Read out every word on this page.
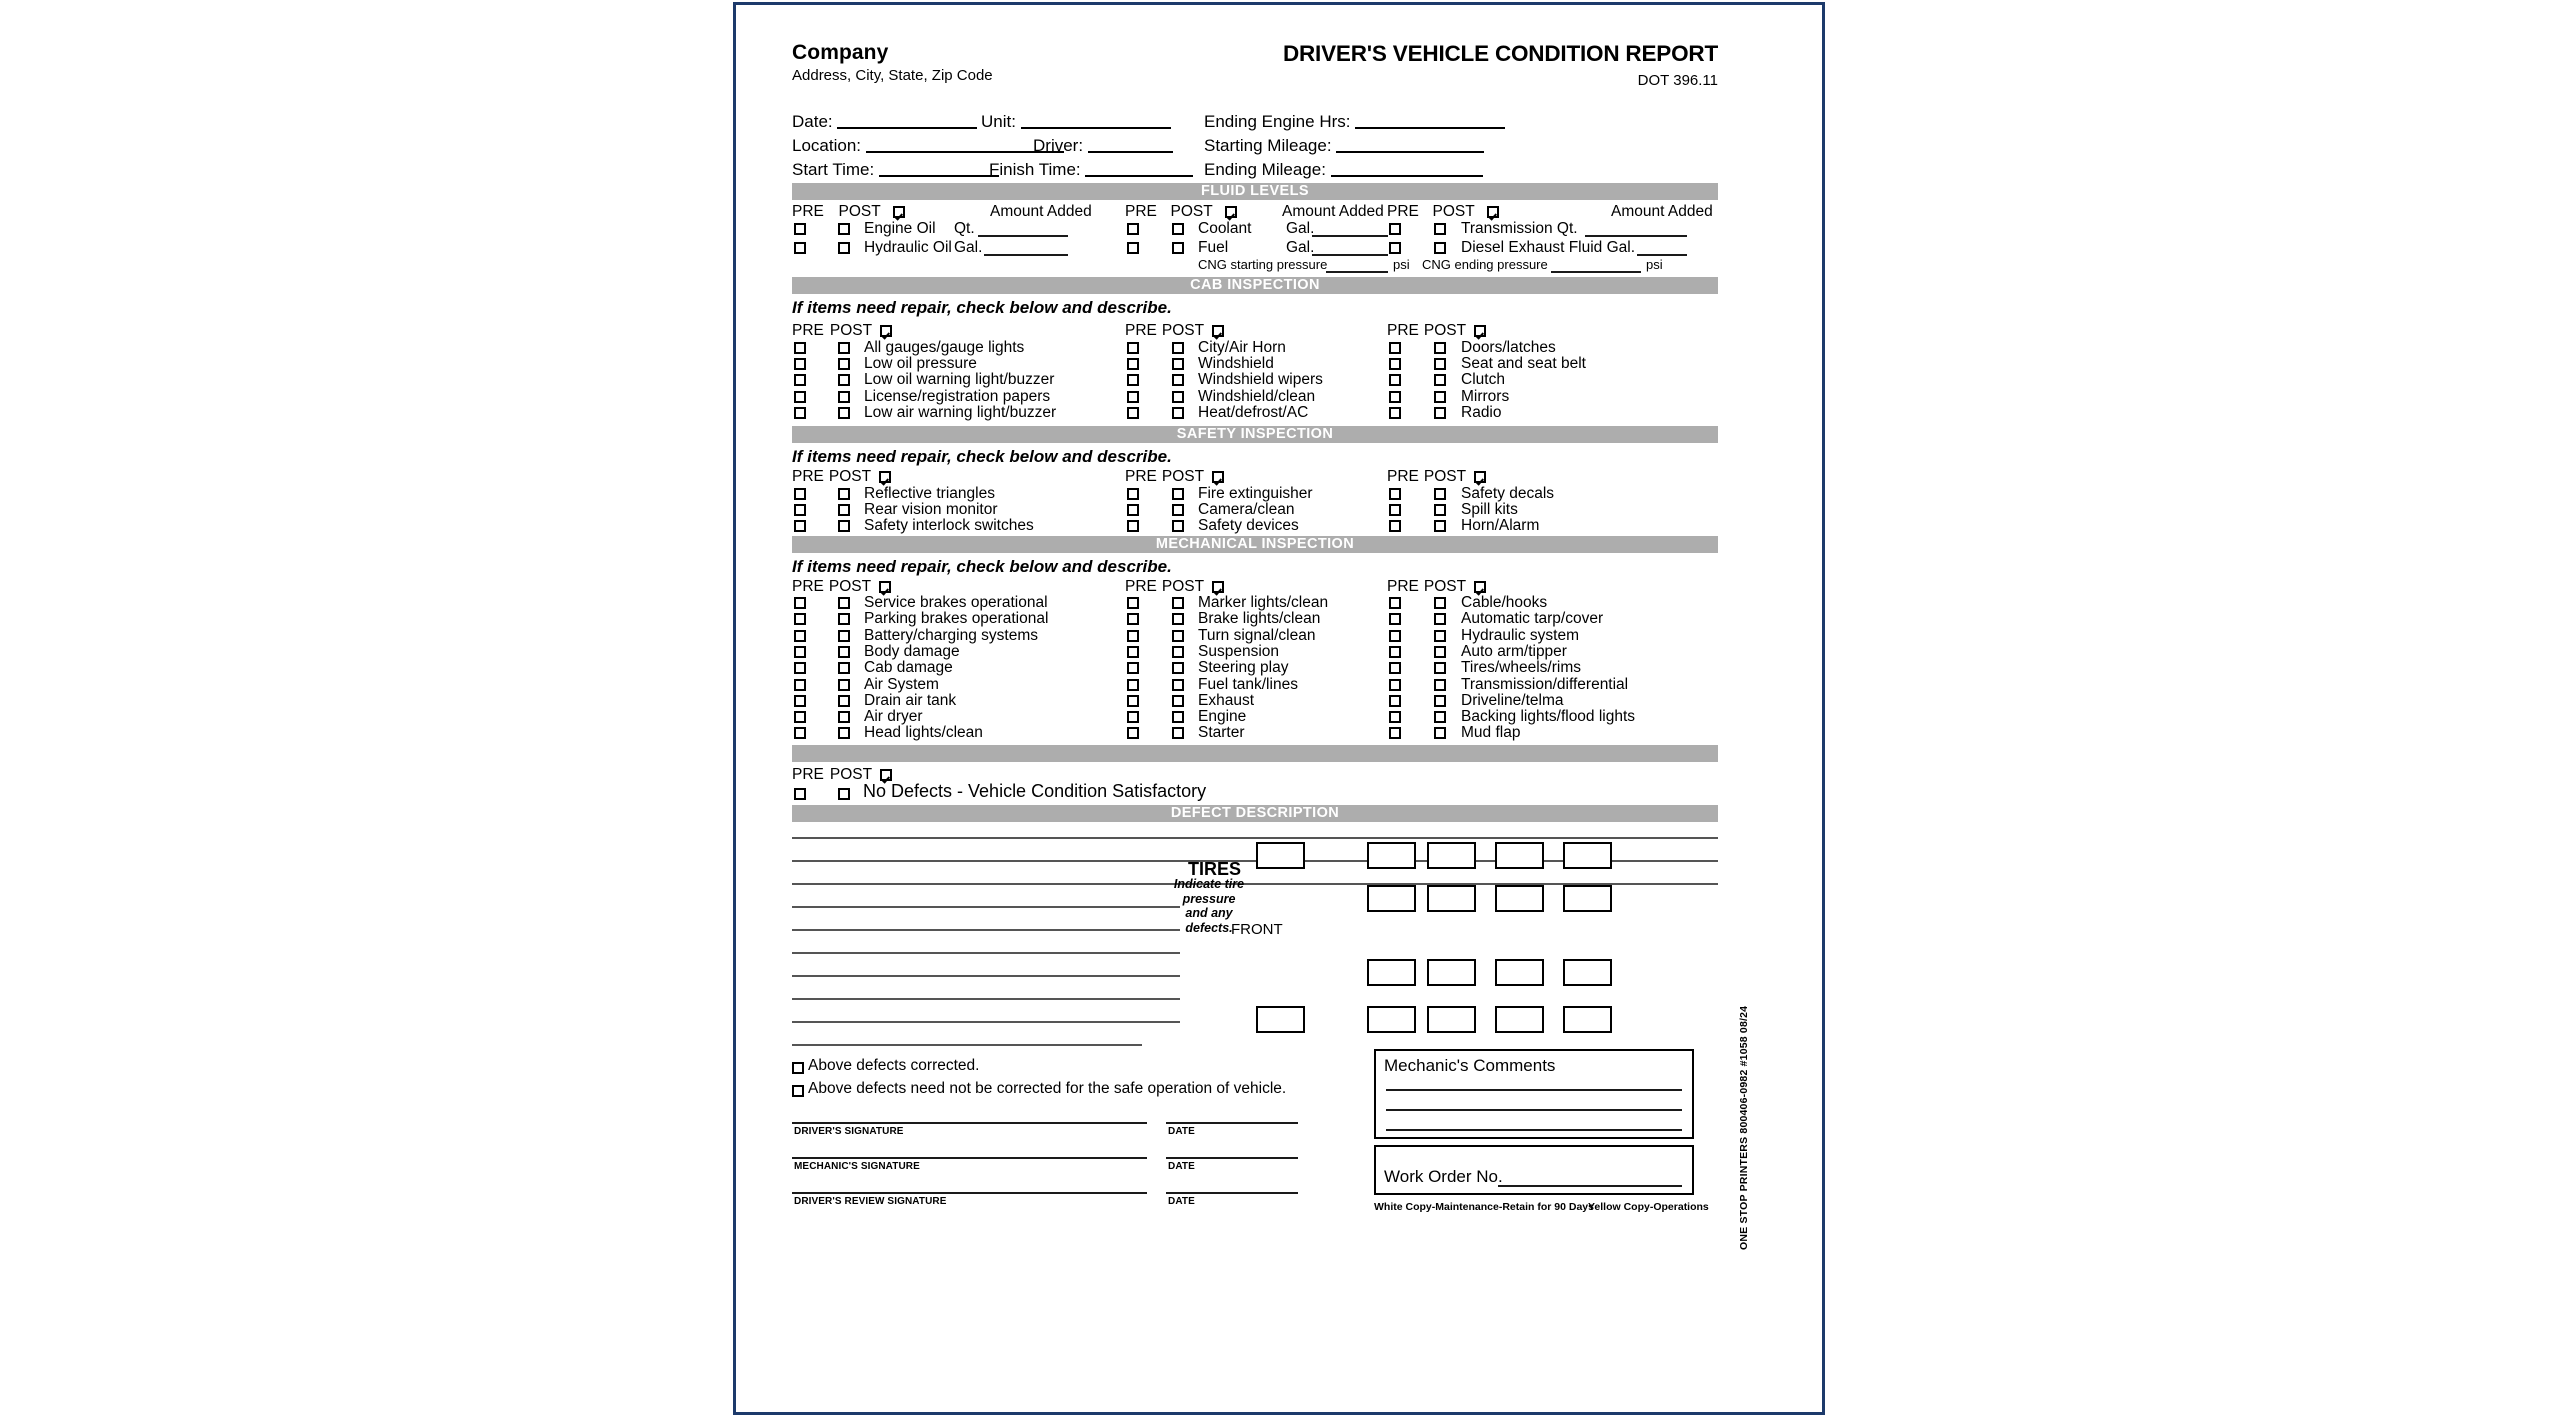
Company
Address, City, State, Zip Code
DRIVER'S VEHICLE CONDITION REPORT
DOT 396.11
Date:	Unit:	Ending Engine Hrs:
Location:	Driver:	Starting Mileage:
Start Time:	Finish Time:	Ending Mileage:
FLUID LEVELS
PRE POST	Amount Added PRE POST	Amount Added PRE POST	Amount Added
Engine Oil Qt.
Hydraulic Oil Gal.
Coolant Gal.
Fuel	Gal.
Transmission Qt.
Diesel Exhaust Fluid Gal.
CNG starting pressure	psi CNG ending pressure	psi
CAB INSPECTION
If items need repair, check below and describe.
PRE POST	PRE POST	PRE POST
All gauges/gauge lights
Low oil pressure
Low oil warning light/buzzer
License/registration papers
Low air warning light/buzzer
City/Air Horn
Windshield
Windshield wipers
Windshield/clean
Heat/defrost/AC
Doors/latches
Seat and seat belt
Clutch
Mirrors
Radio
SAFETY INSPECTION
If items need repair, check below and describe.
PRE POST	PRE POST	PRE POST
Reflective triangles
Rear vision monitor
Safety interlock switches
Fire extinguisher
Camera/clean
Safety devices
Safety decals
Spill kits
Horn/Alarm
MECHANICAL INSPECTION
If items need repair, check below and describe.
PRE POST	PRE POST	PRE POST
Service brakes operational
Parking brakes operational
Battery/charging systems
Body damage
Cab damage
Air System
Drain air tank
Air dryer
Head lights/clean
Marker lights/clean
Brake lights/clean
Turn signal/clean
Suspension
Steering play
Fuel tank/lines
Exhaust
Engine
Starter
Cable/hooks
Automatic tarp/cover
Hydraulic system
Auto arm/tipper
Tires/wheels/rims
Transmission/differential
Driveline/telma
Backing lights/flood lights
Mud flap
PRE POST
No Defects - Vehicle Condition Satisfactory
DEFECT DESCRIPTION
TIRES
Indicate tire pressure and any defects.
FRONT
Above defects corrected.
Above defects need not be corrected for the safe operation of vehicle.
DRIVER'S SIGNATURE	DATE
MECHANIC'S SIGNATURE	DATE
DRIVER'S REVIEW SIGNATURE	DATE
Mechanic's Comments
Work Order No.
White Copy-Maintenance-Retain for 90 Days
Yellow Copy-Operations	ONE STOP PRINTERS 800406-0982 #1058 08/24
